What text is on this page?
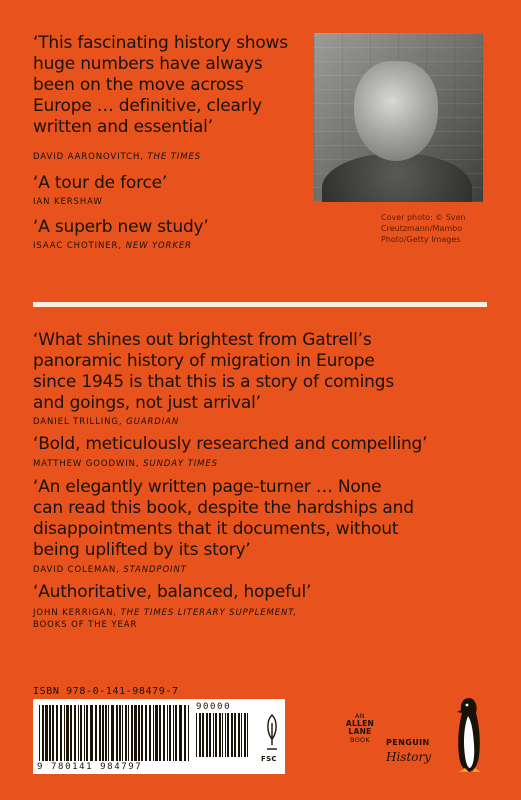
‘This fascinating history shows
huge numbers have always
been on the move across
Europe … definitive, clearly
written and essential’
DAVID AARONOVITCH, THE TIMES
‘A tour de force’
IAN KERSHAW
‘A superb new study’
ISAAC CHOTINER, NEW YORKER
Cover photo: © Sven
Creutzmann/Mambo
Photo/Getty Images
‘What shines out brightest from Gatrell’s
panoramic history of migration in Europe
since 1945 is that this is a story of comings
and goings, not just arrival’
DANIEL TRILLING, GUARDIAN
‘Bold, meticulously researched and compelling’
MATTHEW GOODWIN, SUNDAY TIMES
‘An elegantly written page-turner … None
can read this book, despite the hardships and
disappointments that it documents, without
being uplifted by its story’
DAVID COLEMAN, STANDPOINT
‘Authoritative, balanced, hopeful’
JOHN KERRIGAN, THE TIMES LITERARY SUPPLEMENT,
BOOKS OF THE YEAR
ISBN 978-0-141-98479-7
9 780141 984797
90000
FSC
AN
ALLEN
LANE
BOOK	PENGUIN
History
